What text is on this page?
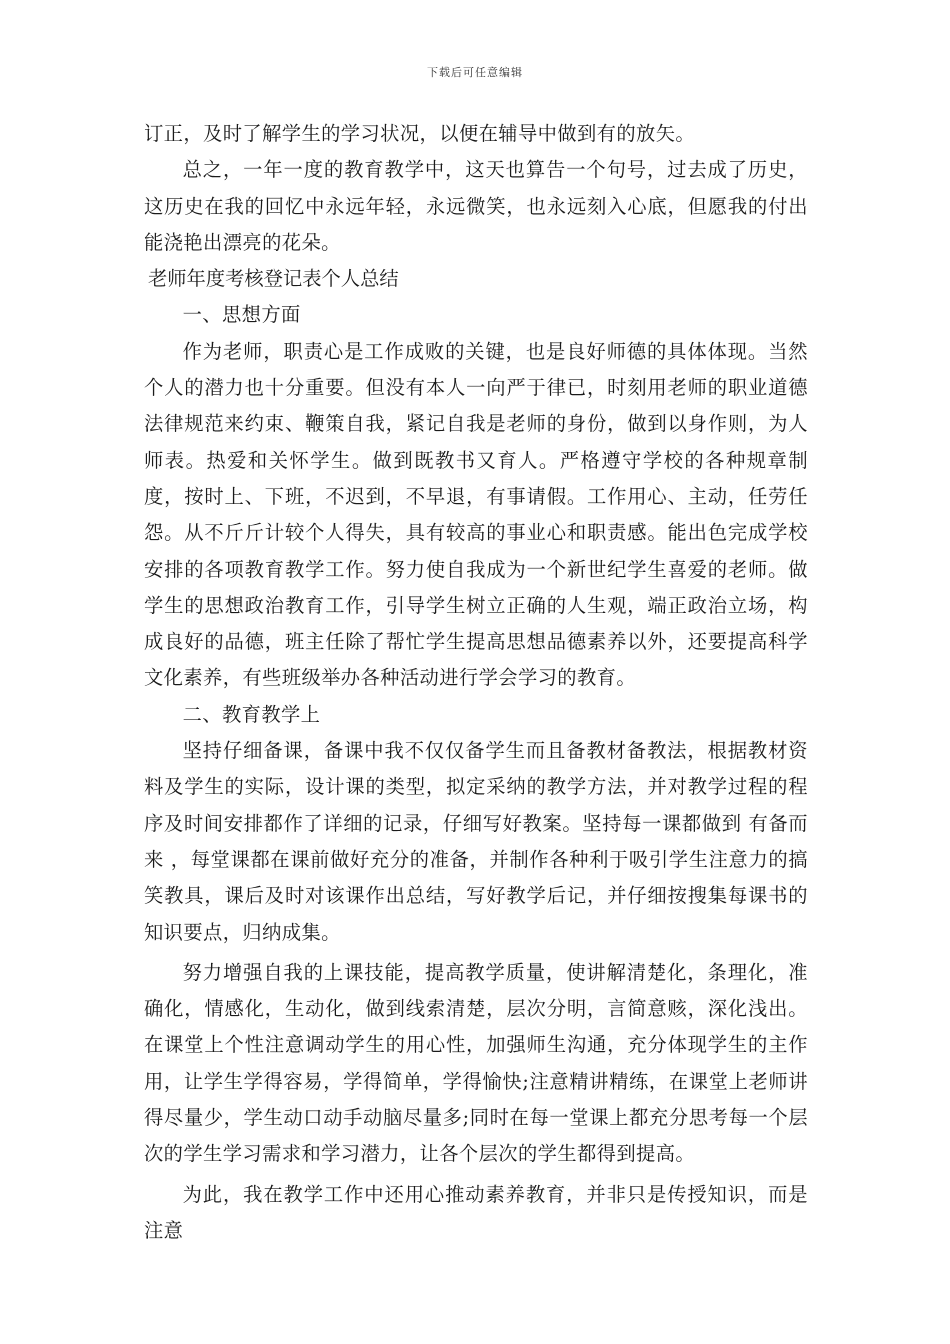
下载后可任意编辑

订正，及时了解学生的学习状况，以便在辅导中做到有的放矢。

总之，一年一度的教育教学中，这天也算告一个句号，过去成了历史，这历史在我的回忆中永远年轻，永远微笑，也永远刻入心底，但愿我的付出能浇艳出漂亮的花朵。

老师年度考核登记表个人总结

一、思想方面

作为老师，职责心是工作成败的关键，也是良好师德的具体体现。当然个人的潜力也十分重要。但没有本人一向严于律已，时刻用老师的职业道德法律规范来约束、鞭策自我，紧记自我是老师的身份，做到以身作则，为人师表。热爱和关怀学生。做到既教书又育人。严格遵守学校的各种规章制度，按时上、下班，不迟到，不早退，有事请假。工作用心、主动，任劳任怨。从不斤斤计较个人得失，具有较高的事业心和职责感。能出色完成学校安排的各项教育教学工作。努力使自我成为一个新世纪学生喜爱的老师。做学生的思想政治教育工作，引导学生树立正确的人生观，端正政治立场，构成良好的品德，班主任除了帮忙学生提高思想品德素养以外，还要提高科学文化素养，有些班级举办各种活动进行学会学习的教育。

二、教育教学上

坚持仔细备课，备课中我不仅仅备学生而且备教材备教法，根据教材资料及学生的实际，设计课的类型，拟定采纳的教学方法，并对教学过程的程序及时间安排都作了详细的记录，仔细写好教案。坚持每一课都做到 有备而来 ，每堂课都在课前做好充分的准备，并制作各种利于吸引学生注意力的搞笑教具，课后及时对该课作出总结，写好教学后记，并仔细按搜集每课书的知识要点，归纳成集。

努力增强自我的上课技能，提高教学质量，使讲解清楚化，条理化，准确化，情感化，生动化，做到线索清楚，层次分明，言简意赅，深化浅出。在课堂上个性注意调动学生的用心性，加强师生沟通，充分体现学生的主作用，让学生学得容易，学得简单，学得愉快;注意精讲精练，在课堂上老师讲得尽量少，学生动口动手动脑尽量多;同时在每一堂课上都充分思考每一个层次的学生学习需求和学习潜力，让各个层次的学生都得到提高。

为此，我在教学工作中还用心推动素养教育，并非只是传授知识，而是注意
